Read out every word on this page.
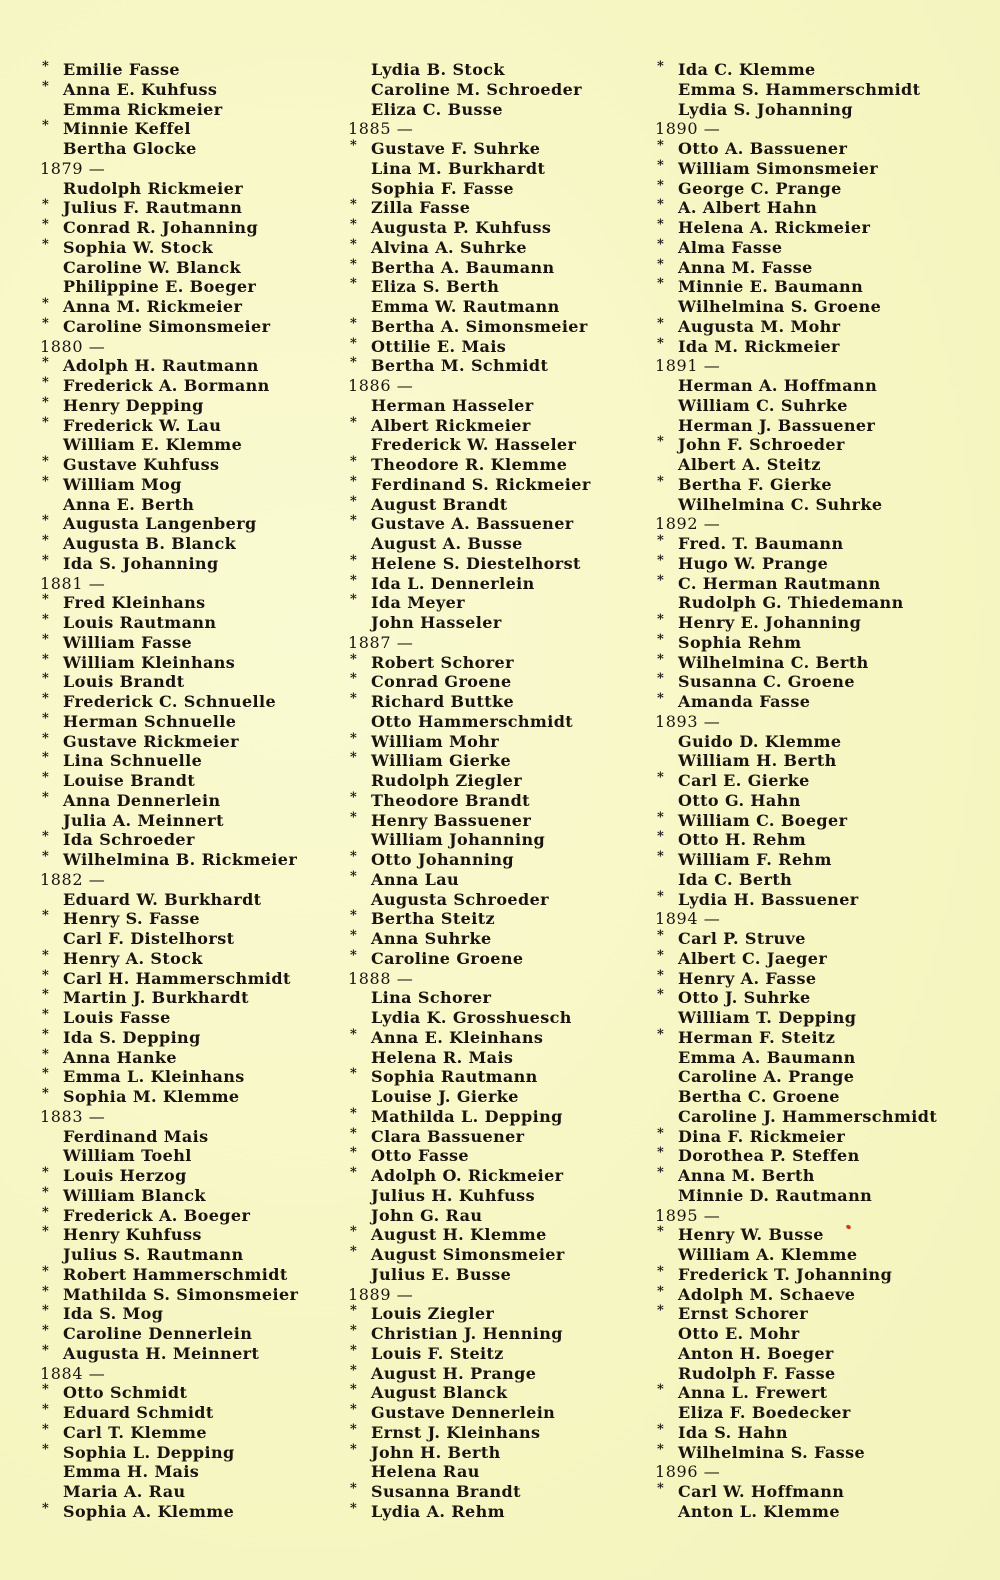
* Emilie Fasse
* Anna E. Kuhfuss
Emma Rickmeier
* Minnie Keffel
Bertha Glocke
1879 —
Rudolph Rickmeier
* Julius F. Rautmann
* Conrad R. Johanning
* Sophia W. Stock
Caroline W. Blanck
Philippine E. Boeger
* Anna M. Rickmeier
* Caroline Simonsmeier
1880 —
* Adolph H. Rautmann
* Frederick A. Bormann
* Henry Depping
* Frederick W. Lau
William E. Klemme
* Gustave Kuhfuss
* William Mog
Anna E. Berth
* Augusta Langenberg
* Augusta B. Blanck
* Ida S. Johanning
1881 —
* Fred Kleinhans
* Louis Rautmann
* William Fasse
* William Kleinhans
* Louis Brandt
* Frederick C. Schnuelle
* Herman Schnuelle
* Gustave Rickmeier
* Lina Schnuelle
* Louise Brandt
* Anna Dennerlein
Julia A. Meinnert
* Ida Schroeder
* Wilhelmina B. Rickmeier
1882 —
Eduard W. Burkhardt
* Henry S. Fasse
Carl F. Distelhorst
* Henry A. Stock
* Carl H. Hammerschmidt
* Martin J. Burkhardt
* Louis Fasse
* Ida S. Depping
* Anna Hanke
* Emma L. Kleinhans
* Sophia M. Klemme
1883 —
Ferdinand Mais
William Toehl
* Louis Herzog
* William Blanck
* Frederick A. Boeger
* Henry Kuhfuss
Julius S. Rautmann
* Robert Hammerschmidt
* Mathilda S. Simonsmeier
* Ida S. Mog
* Caroline Dennerlein
* Augusta H. Meinnert
1884 —
* Otto Schmidt
* Eduard Schmidt
* Carl T. Klemme
* Sophia L. Depping
Emma H. Mais
Maria A. Rau
* Sophia A. Klemme
Lydia B. Stock
Caroline M. Schroeder
Eliza C. Busse
1885 —
* Gustave F. Suhrke
Lina M. Burkhardt
Sophia F. Fasse
* Zilla Fasse
* Augusta P. Kuhfuss
* Alvina A. Suhrke
* Bertha A. Baumann
* Eliza S. Berth
Emma W. Rautmann
* Bertha A. Simonsmeier
* Ottilie E. Mais
* Bertha M. Schmidt
1886 —
Herman Hasseler
* Albert Rickmeier
Frederick W. Hasseler
* Theodore R. Klemme
* Ferdinand S. Rickmeier
* August Brandt
* Gustave A. Bassuener
August A. Busse
* Helene S. Diestelhorst
* Ida L. Dennerlein
* Ida Meyer
John Hasseler
1887 —
* Robert Schorer
* Conrad Groene
* Richard Buttke
Otto Hammerschmidt
* William Mohr
* William Gierke
Rudolph Ziegler
* Theodore Brandt
* Henry Bassuener
William Johanning
* Otto Johanning
* Anna Lau
Augusta Schroeder
* Bertha Steitz
* Anna Suhrke
* Caroline Groene
1888 —
Lina Schorer
Lydia K. Grosshuesch
* Anna E. Kleinhans
Helena R. Mais
* Sophia Rautmann
Louise J. Gierke
* Mathilda L. Depping
* Clara Bassuener
* Otto Fasse
* Adolph O. Rickmeier
Julius H. Kuhfuss
John G. Rau
* August H. Klemme
* August Simonsmeier
Julius E. Busse
1889 —
* Louis Ziegler
* Christian J. Henning
* Louis F. Steitz
* August H. Prange
* August Blanck
* Gustave Dennerlein
* Ernst J. Kleinhans
* John H. Berth
Helena Rau
* Susanna Brandt
* Lydia A. Rehm
* Ida C. Klemme
Emma S. Hammerschmidt
Lydia S. Johanning
1890 —
* Otto A. Bassuener
* William Simonsmeier
* George C. Prange
* A. Albert Hahn
* Helena A. Rickmeier
* Alma Fasse
* Anna M. Fasse
* Minnie E. Baumann
Wilhelmina S. Groene
* Augusta M. Mohr
* Ida M. Rickmeier
1891 —
Herman A. Hoffmann
William C. Suhrke
Herman J. Bassuener
* John F. Schroeder
Albert A. Steitz
* Bertha F. Gierke
Wilhelmina C. Suhrke
1892 —
* Fred. T. Baumann
* Hugo W. Prange
* C. Herman Rautmann
Rudolph G. Thiedemann
* Henry E. Johanning
* Sophia Rehm
* Wilhelmina C. Berth
* Susanna C. Groene
* Amanda Fasse
1893 —
Guido D. Klemme
William H. Berth
* Carl E. Gierke
Otto G. Hahn
* William C. Boeger
* Otto H. Rehm
* William F. Rehm
Ida C. Berth
* Lydia H. Bassuener
1894 —
* Carl P. Struve
* Albert C. Jaeger
* Henry A. Fasse
* Otto J. Suhrke
William T. Depping
* Herman F. Steitz
Emma A. Baumann
Caroline A. Prange
Bertha C. Groene
Caroline J. Hammerschmidt
* Dina F. Rickmeier
* Dorothea P. Steffen
* Anna M. Berth
Minnie D. Rautmann
1895 —
* Henry W. Busse
William A. Klemme
* Frederick T. Johanning
* Adolph M. Schaeve
* Ernst Schorer
Otto E. Mohr
Anton H. Boeger
Rudolph F. Fasse
* Anna L. Frewert
Eliza F. Boedecker
* Ida S. Hahn
* Wilhelmina S. Fasse
1896 —
* Carl W. Hoffmann
Anton L. Klemme
